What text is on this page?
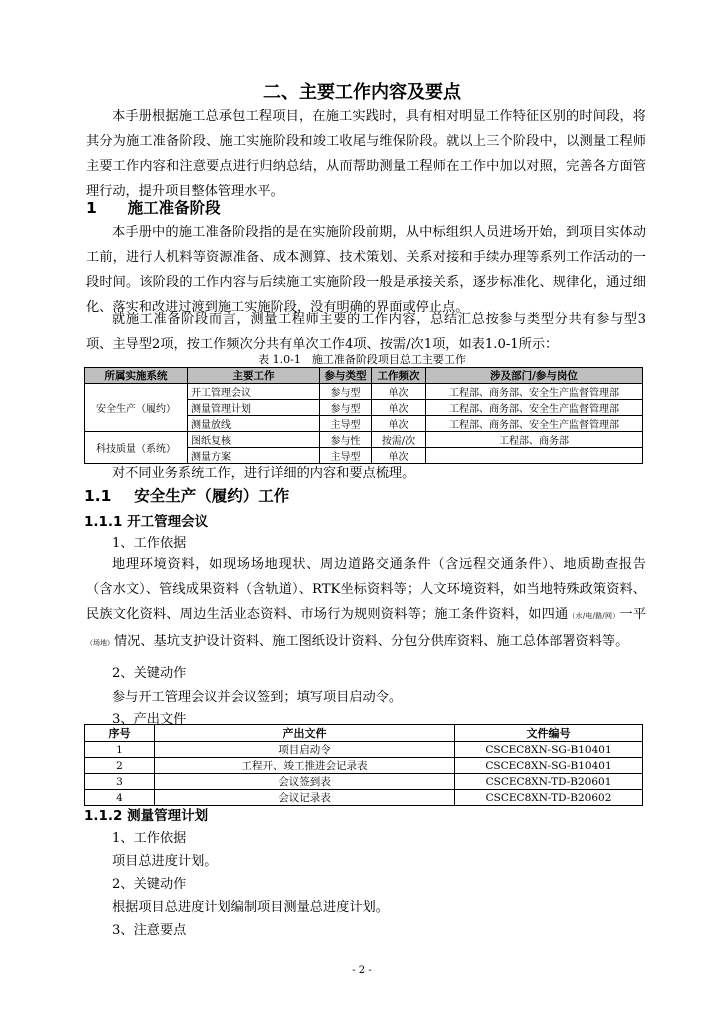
二、主要工作内容及要点
本手册根据施工总承包工程项目，在施工实践时，具有相对明显工作特征区别的时间段，将其分为施工准备阶段、施工实施阶段和竣工收尾与维保阶段。就以上三个阶段中，以测量工程师主要工作内容和注意要点进行归纳总结，从而帮助测量工程师在工作中加以对照，完善各方面管理行动，提升项目整体管理水平。
1 施工准备阶段
本手册中的施工准备阶段指的是在实施阶段前期，从中标组织人员进场开始，到项目实体动工前，进行人机料等资源准备、成本测算、技术策划、关系对接和手续办理等系列工作活动的一段时间。该阶段的工作内容与后续施工实施阶段一般是承接关系，逐步标准化、规律化，通过细化、落实和改进过渡到施工实施阶段，没有明确的界面或停止点。
就施工准备阶段而言，测量工程师主要的工作内容，总结汇总按参与类型分共有参与型3项、主导型2项，按工作频次分共有单次工作4项、按需/次1项，如表1.0-1所示：
表 1.0-1　施工准备阶段项目总工主要工作
所属实施系统	主要工作	参与类型	工作频次	涉及部门/参与岗位
安全生产（履约）	开工管理会议	参与型	单次	工程部、商务部、安全生产监督管理部
	测量管理计划	参与型	单次	工程部、商务部、安全生产监督管理部
	测量放线	主导型	单次	工程部、商务部、安全生产监督管理部
科技质量（系统）	图纸复核	参与性	按需/次	工程部、商务部
	测量方案	主导型	单次	
对不同业务系统工作，进行详细的内容和要点梳理。
1.1 安全生产（履约）工作
1.1.1 开工管理会议
1、工作依据
地理环境资料，如现场场地现状、周边道路交通条件（含远程交通条件）、地质勘查报告（含水文）、管线成果资料（含轨道）、RTK坐标资料等；人文环境资料，如当地特殊政策资料、民族文化资料、周边生活业态资料、市场行为规则资料等；施工条件资料，如四通（水/电/路/网）一平（场地）情况、基坑支护设计资料、施工图纸设计资料、分包分供库资料、施工总体部署资料等。
2、关键动作
参与开工管理会议并会议签到；填写项目启动令。
3、产出文件
序号	产出文件	文件编号
1	项目启动令	CSCEC8XN-SG-B10401
2	工程开、竣工推进会记录表	CSCEC8XN-SG-B10401
3	会议签到表	CSCEC8XN-TD-B20601
4	会议记录表	CSCEC8XN-TD-B20602
1.1.2 测量管理计划
1、工作依据
项目总进度计划。
2、关键动作
根据项目总进度计划编制项目测量总进度计划。
3、注意要点
- 2 -
